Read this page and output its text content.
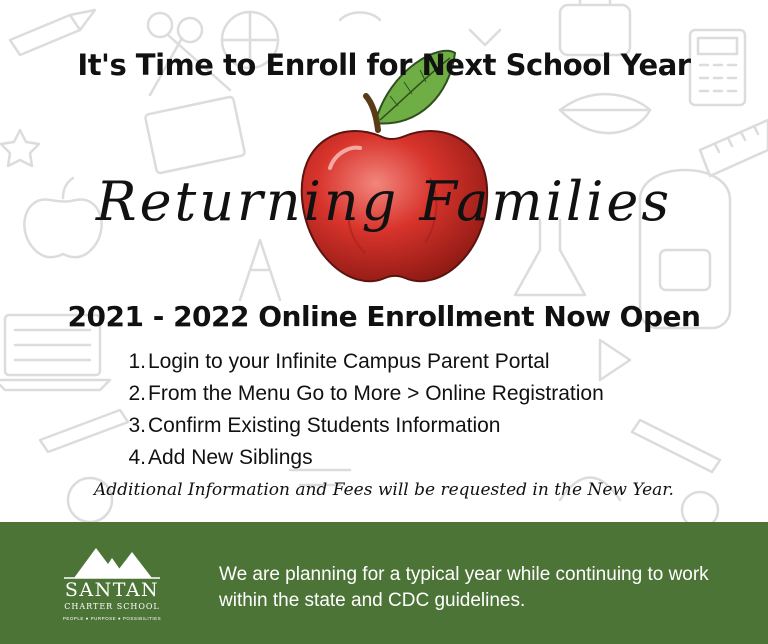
It's Time to Enroll for Next School Year
Returning Families
2021 - 2022 Online Enrollment Now Open
1.Login to your Infinite Campus Parent Portal
2.From the Menu Go to More > Online Registration
3.Confirm Existing Students Information
4.Add New Siblings
Additional Information and Fees will be requested in the New Year.
SANTAN
CHARTER SCHOOL
PEOPLE ● PURPOSE ● POSSIBILITIES
We are planning for a typical year while continuing to work within the state and CDC guidelines.
